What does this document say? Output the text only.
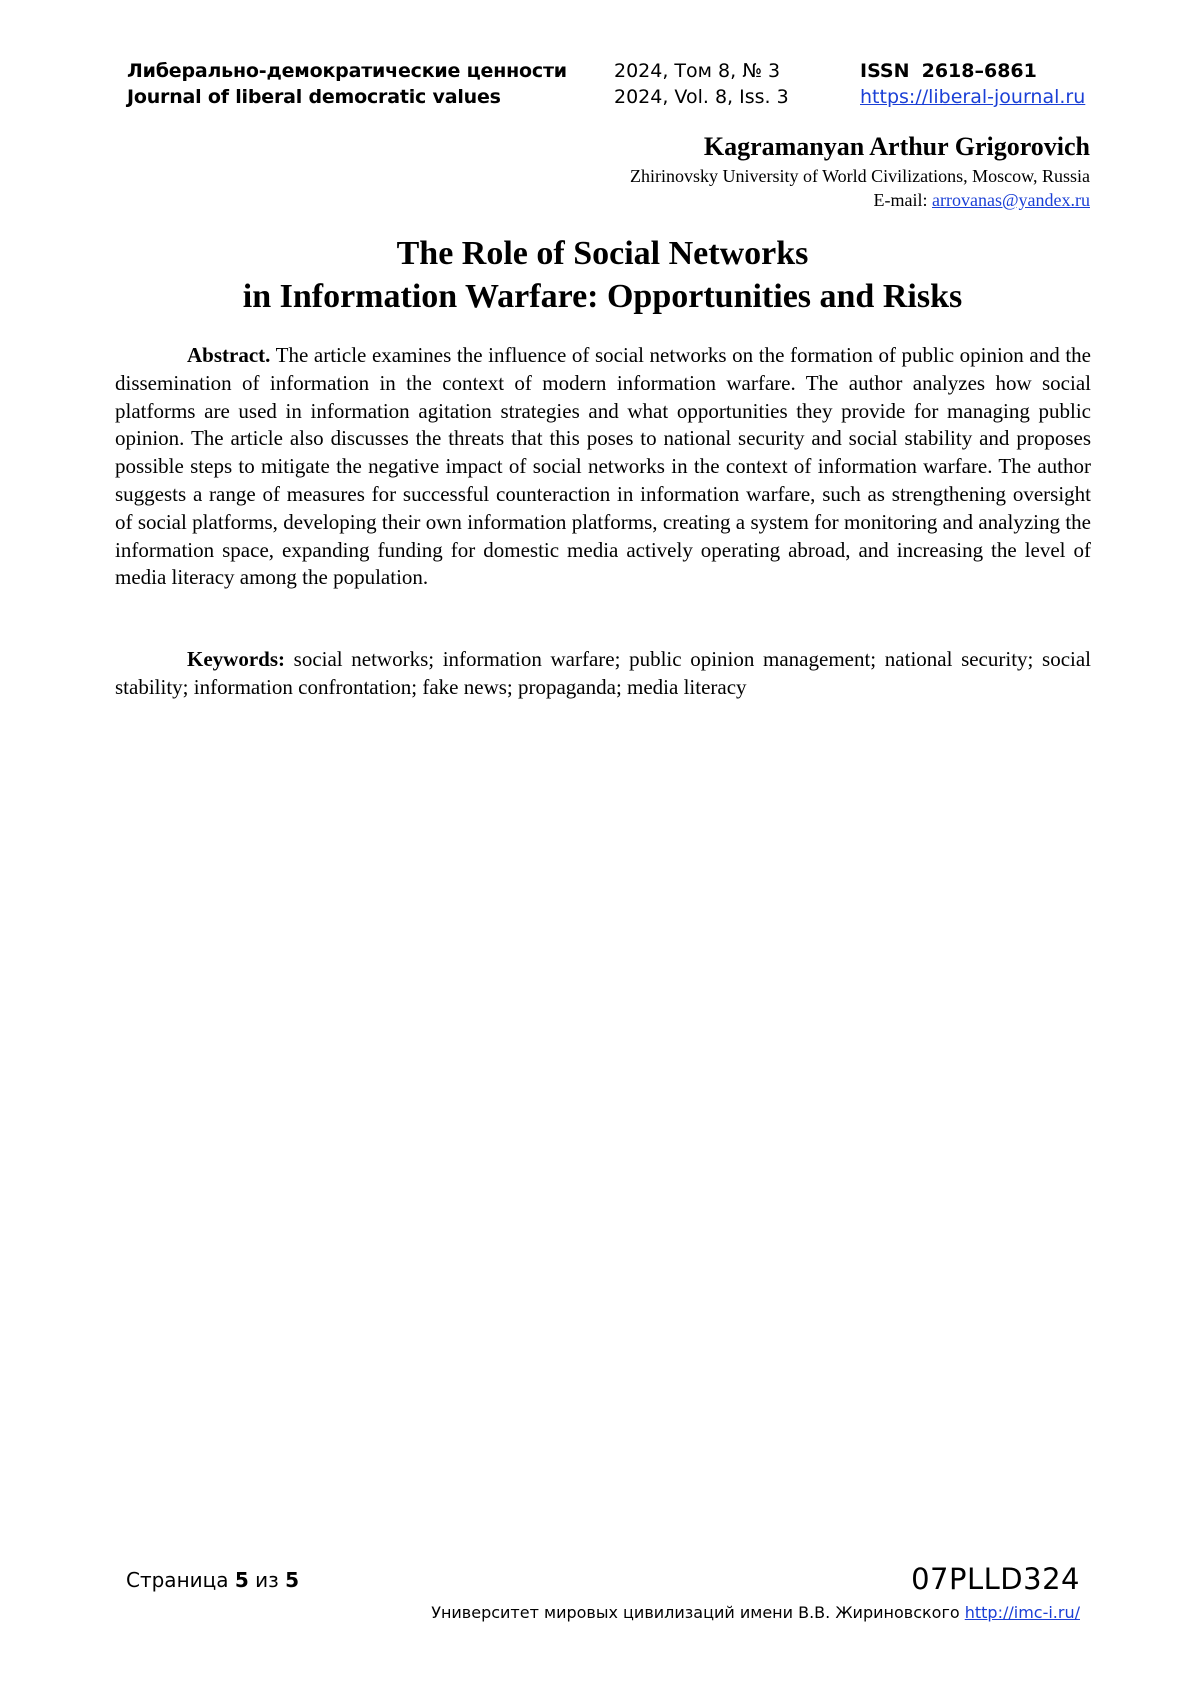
Либерально-демократические ценности
Journal of liberal democratic values
2024, Том 8, № 3
2024, Vol. 8, Iss. 3
ISSN 2618–6861
https://liberal-journal.ru
Kagramanyan Arthur Grigorovich
Zhirinovsky University of World Civilizations, Moscow, Russia
E-mail: arrovanas@yandex.ru
The Role of Social Networks
in Information Warfare: Opportunities and Risks
Abstract. The article examines the influence of social networks on the formation of public opinion and the dissemination of information in the context of modern information warfare. The author analyzes how social platforms are used in information agitation strategies and what opportunities they provide for managing public opinion. The article also discusses the threats that this poses to national security and social stability and proposes possible steps to mitigate the negative impact of social networks in the context of information warfare. The author suggests a range of measures for successful counteraction in information warfare, such as strengthening oversight of social platforms, developing their own information platforms, creating a system for monitoring and analyzing the information space, expanding funding for domestic media actively operating abroad, and increasing the level of media literacy among the population.
Keywords: social networks; information warfare; public opinion management; national security; social stability; information confrontation; fake news; propaganda; media literacy
Страница 5 из 5	07PLLD324
Университет мировых цивилизаций имени В.В. Жириновского http://imc-i.ru/
